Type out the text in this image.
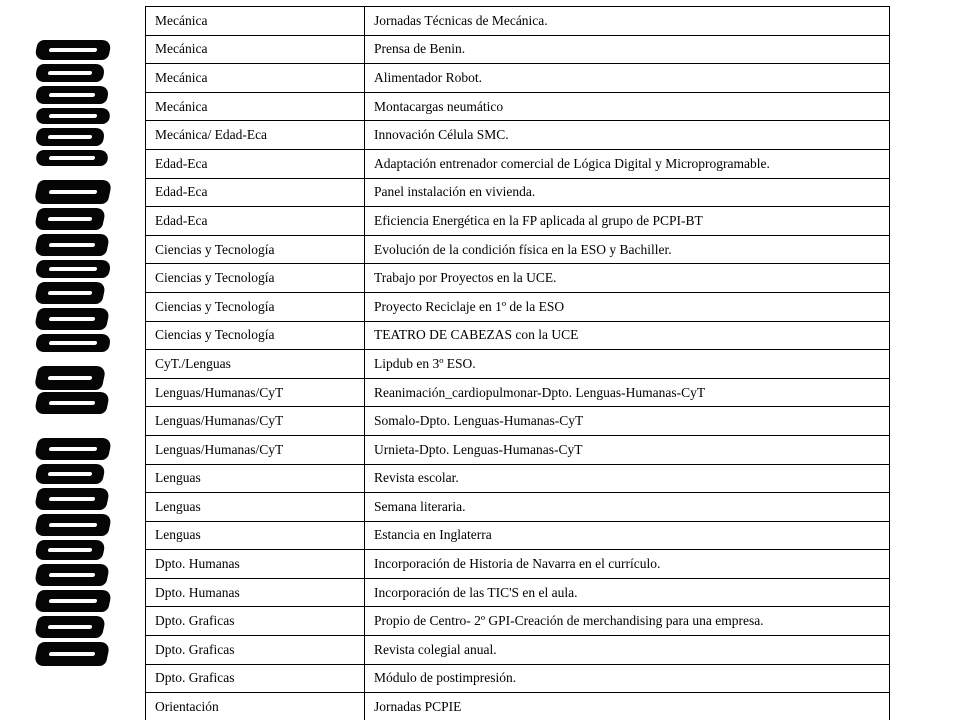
Mecánica	Jornadas Técnicas de Mecánica.
Mecánica	Prensa de Benin.
Mecánica	Alimentador Robot.
Mecánica	Montacargas neumático
Mecánica/ Edad-Eca	Innovación Célula SMC.
Edad-Eca	Adaptación entrenador comercial de Lógica Digital y Microprogramable.
Edad-Eca	Panel instalación en vivienda.
Edad-Eca	Eficiencia Energética en la FP aplicada al grupo de PCPI-BT
Ciencias y Tecnología	Evolución de la condición física en la ESO y Bachiller.
Ciencias y Tecnología	Trabajo por Proyectos en la UCE.
Ciencias y Tecnología	Proyecto Reciclaje en 1º de la ESO
Ciencias y Tecnología	TEATRO DE CABEZAS con la UCE
CyT./Lenguas	Lipdub en 3º ESO.
Lenguas/Humanas/CyT	Reanimación_cardiopulmonar-Dpto. Lenguas-Humanas-CyT
Lenguas/Humanas/CyT	Somalo-Dpto. Lenguas-Humanas-CyT
Lenguas/Humanas/CyT	Urnieta-Dpto. Lenguas-Humanas-CyT
Lenguas	Revista escolar.
Lenguas	Semana literaria.
Lenguas	Estancia en Inglaterra
Dpto. Humanas	Incorporación de Historia de Navarra en el currículo.
Dpto. Humanas	Incorporación de las TIC'S en el aula.
Dpto. Graficas	Propio de Centro- 2º GPI-Creación de merchandising para una empresa.
Dpto. Graficas	Revista colegial anual.
Dpto. Graficas	Módulo de postimpresión.
Orientación	Jornadas PCPIE
